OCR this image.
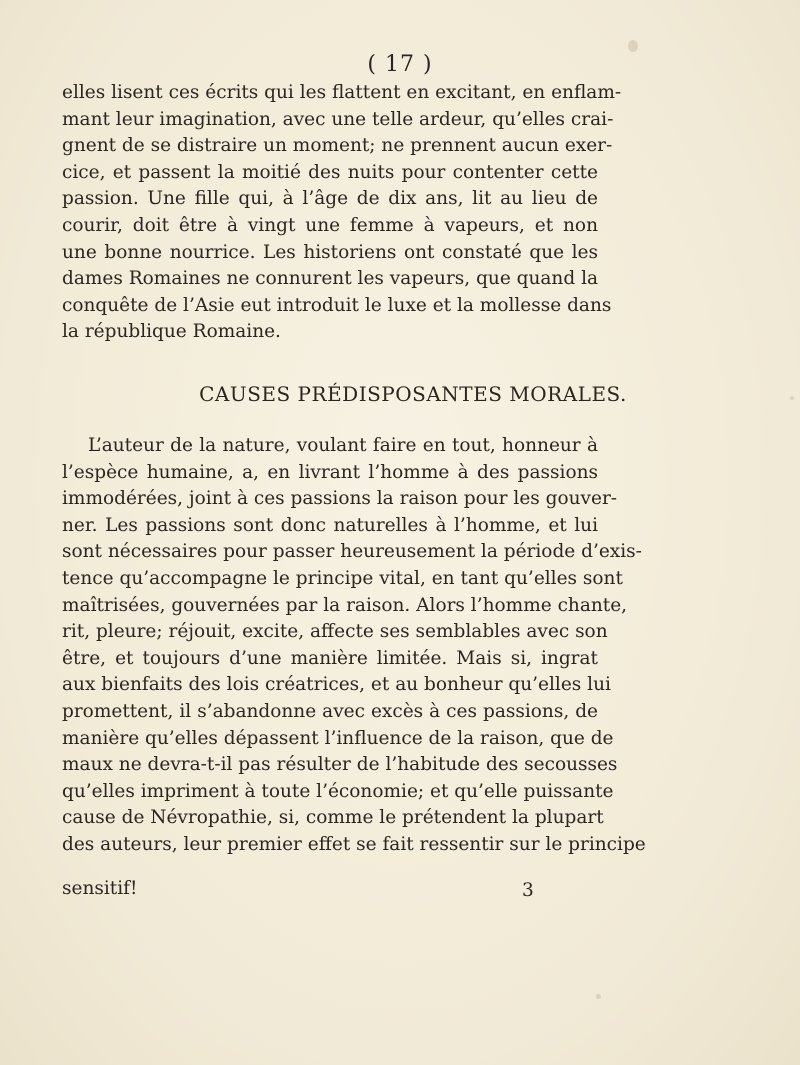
( 17 )
elles lisent ces écrits qui les flattent en excitant, en enflam-
mant leur imagination, avec une telle ardeur, qu’elles crai-
gnent de se distraire un moment; ne prennent aucun exer-
cice, et passent la moitié des nuits pour contenter cette
passion. Une fille qui, à l’âge de dix ans, lit au lieu de
courir, doit être à vingt une femme à vapeurs, et non
une bonne nourrice. Les historiens ont constaté que les
dames Romaines ne connurent les vapeurs, que quand la
conquête de l’Asie eut introduit le luxe et la mollesse dans
la république Romaine.
CAUSES PRÉDISPOSANTES MORALES.
L’auteur de la nature, voulant faire en tout, honneur à
l’espèce humaine, a, en livrant l’homme à des passions
immodérées, joint à ces passions la raison pour les gouver-
ner. Les passions sont donc naturelles à l’homme, et lui
sont nécessaires pour passer heureusement la période d’exis-
tence qu’accompagne le principe vital, en tant qu’elles sont
maîtrisées, gouvernées par la raison. Alors l’homme chante,
rit, pleure; réjouit, excite, affecte ses semblables avec son
être, et toujours d’une manière limitée. Mais si, ingrat
aux bienfaits des lois créatrices, et au bonheur qu’elles lui
promettent, il s’abandonne avec excès à ces passions, de
manière qu’elles dépassent l’influence de la raison, que de
maux ne devra-t-il pas résulter de l’habitude des secousses
qu’elles impriment à toute l’économie; et qu’elle puissante
cause de Névropathie, si, comme le prétendent la plupart
des auteurs, leur premier effet se fait ressentir sur le principe
sensitif!	3
